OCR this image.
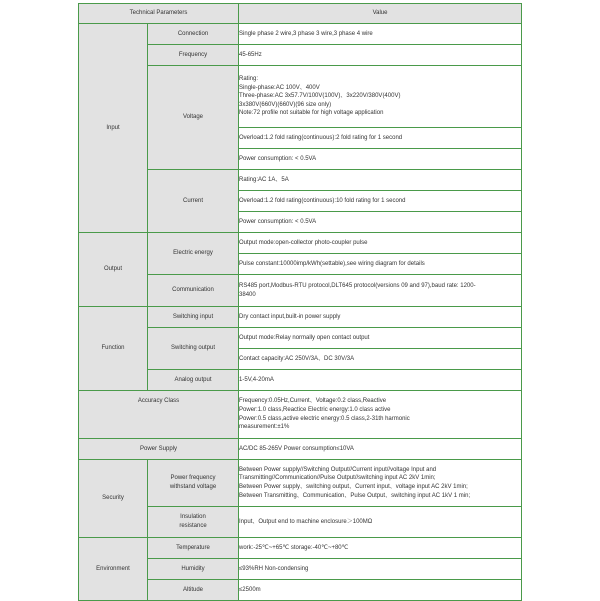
Technical Parameters		Value
Input	Connection	Single phase 2 wire,3 phase 3 wire,3 phase 4 wire
	Frequency	45-65Hz
	Voltage	Rating:
Single-phase:AC 100V、400V
Three-phase:AC 3x57.7V/100V(100V)、3x220V/380V(400V)
3x380V(660V)(660V)(96 size only)
Note:72 profile not suitable for high voltage application

		Overload:1.2 fold rating(continuous):2 fold rating for 1 second
		Power consumption: < 0.5VA
	Current	Rating:AC 1A、5A
		Overload:1.2 fold rating(continuous):10 fold rating for 1 second
		Power consumption: < 0.5VA
Output	Electric energy	Output mode:open-collector photo-coupler pulse
		Pulse constant:10000imp/kWh(settable),see wiring diagram for details
	Communication	RS485 port,Modbus-RTU protocol,DLT645 protocol(versions 09 and 97),baud rate: 1200-
38400

Function	Switching input	Dry contact input,built-in power supply
	Switching output	Output mode:Relay normally open contact output
		Contact capacity:AC 250V/3A、DC 30V/3A
	Analog output	1-5V,4-20mA
Accuracy Class		Frequency:0.05Hz,Current、Voltage:0.2 class,Reactive
Power:1.0 class,Reactice Electric energy:1.0 class active
Power:0.5 class,active electric energy:0.5 class,2-31th harmonic
measurement:±1%

Power Supply		AC/DC 85-265V Power consumption≤10VA
Security	Power frequency
withstand voltage	Between Power supply//Switching Output//Current input//voltage Input and
Transmitting//Communication//Pulse Output//switching input AC 2kV 1min;
Between Power supply、switching output、Current input、voltage input AC 2kV 1min;
Between Transmitting、Communication、Pulse Output、switching input AC 1kV 1 min;

	Insulation
resistance	Input、Output end to machine enclosure＞100MΩ
Environment	Temperature	work:-25℃~+65℃ storage:-40℃~+80℃
	Humidity	≤93%RH Non-condensing
	Altitude	≤2500m
